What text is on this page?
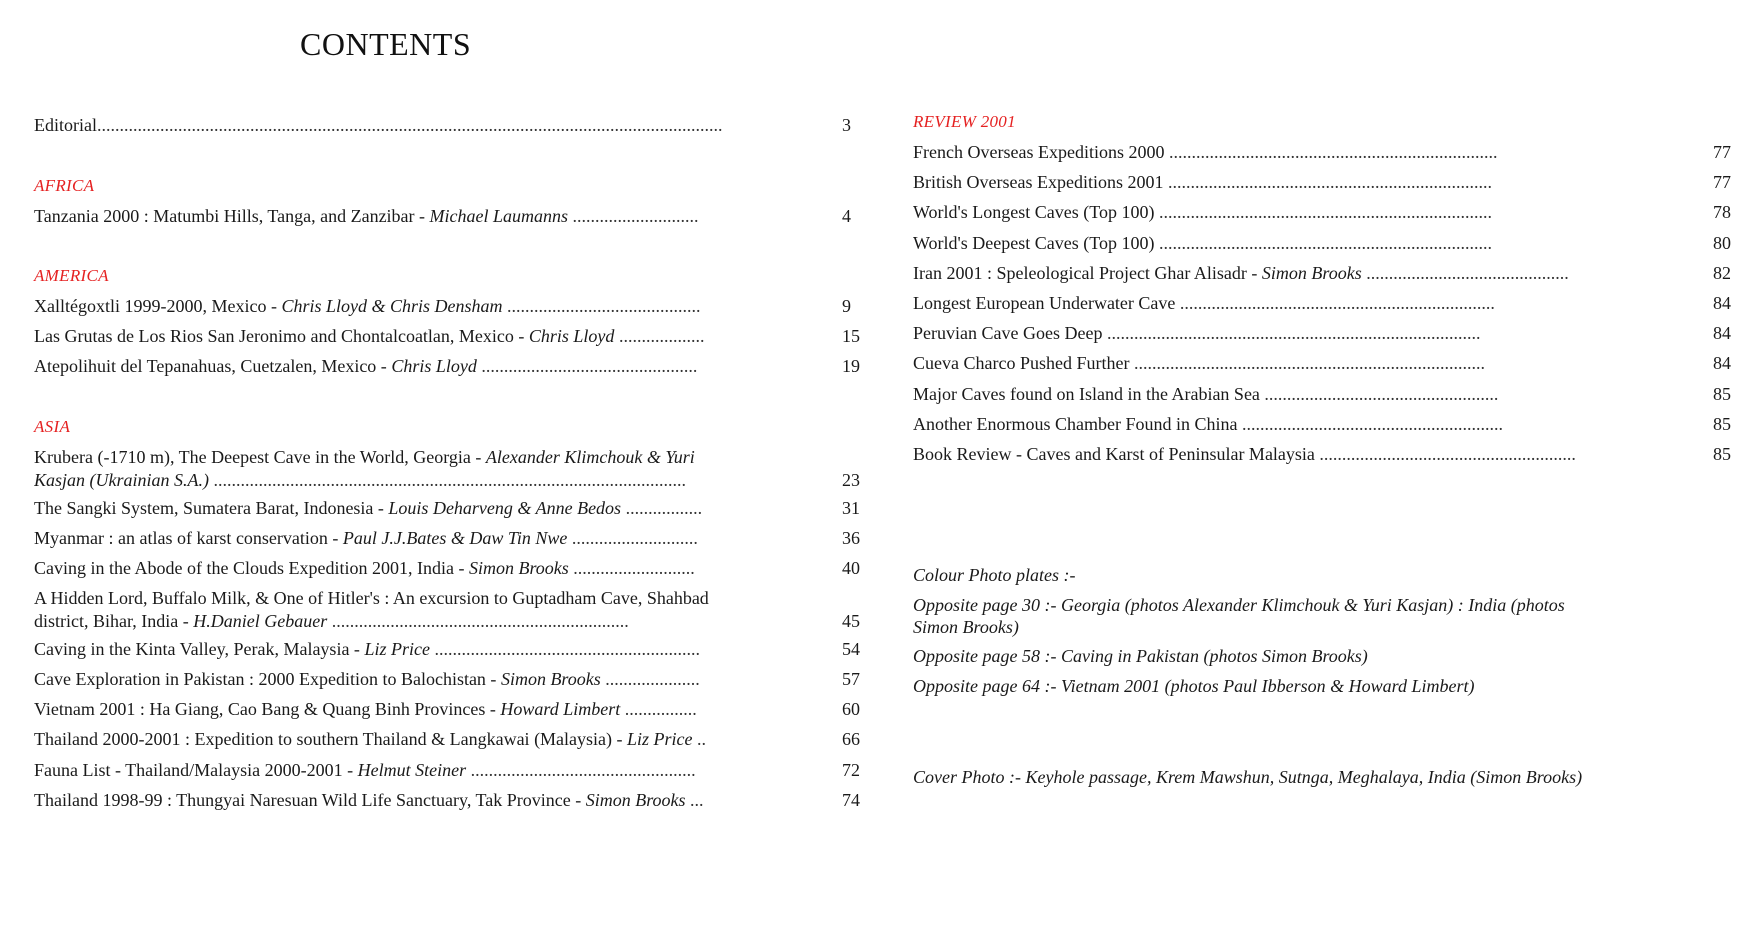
CONTENTS
Editorial...........................................................................................................................................	3
AFRICA
Tanzania 2000 : Matumbi Hills, Tanga, and Zanzibar - Michael Laumanns ............................	4
AMERICA
Xalltégoxtli 1999-2000, Mexico - Chris Lloyd & Chris Densham ...........................................	9
Las Grutas de Los Rios San Jeronimo and Chontalcoatlan, Mexico - Chris Lloyd ...................	15
Atepolihuit del Tepanahuas, Cuetzalen, Mexico - Chris Lloyd ................................................	19
ASIA
Krubera (-1710 m), The Deepest Cave in the World, Georgia - Alexander Klimchouk & Yuri
Kasjan (Ukrainian S.A.) .........................................................................................................	23
The Sangki System, Sumatera Barat, Indonesia - Louis Deharveng & Anne Bedos .................	31
Myanmar : an atlas of karst conservation - Paul J.J.Bates & Daw Tin Nwe ............................	36
Caving in the Abode of the Clouds Expedition 2001, India - Simon Brooks ...........................	40
A Hidden Lord, Buffalo Milk, & One of Hitler's : An excursion to Guptadham Cave, Shahbad
district, Bihar, India - H.Daniel Gebauer ..................................................................	45
Caving in the Kinta Valley, Perak, Malaysia - Liz Price ...........................................................	54
Cave Exploration in Pakistan : 2000 Expedition to Balochistan - Simon Brooks .....................	57
Vietnam 2001 : Ha Giang, Cao Bang & Quang Binh Provinces - Howard Limbert ................	60
Thailand 2000-2001 : Expedition to southern Thailand & Langkawai (Malaysia) - Liz Price ..	66
Fauna List - Thailand/Malaysia 2000-2001 - Helmut Steiner ..................................................	72
Thailand 1998-99 : Thungyai Naresuan Wild Life Sanctuary, Tak Province - Simon Brooks ...	74
REVIEW 2001
French Overseas Expeditions 2000 .........................................................................	77
British Overseas Expeditions 2001 ........................................................................	77
World's Longest Caves (Top 100) ..........................................................................	78
World's Deepest Caves (Top 100) ..........................................................................	80
Iran 2001 : Speleological Project Ghar Alisadr - Simon Brooks .............................................	82
Longest European Underwater Cave ......................................................................	84
Peruvian Cave Goes Deep ...................................................................................	84
Cueva Charco Pushed Further ..............................................................................	84
Major Caves found on Island in the Arabian Sea ....................................................	85
Another Enormous Chamber Found in China ..........................................................	85
Book Review - Caves and Karst of Peninsular Malaysia .........................................................	85
Colour Photo plates :-
Opposite page 30 :- Georgia (photos Alexander Klimchouk & Yuri Kasjan) : India (photos
Simon Brooks)
Opposite page 58 :- Caving in Pakistan (photos Simon Brooks)
Opposite page 64 :- Vietnam 2001 (photos Paul Ibberson & Howard Limbert)
Cover Photo :- Keyhole passage, Krem Mawshun, Sutnga, Meghalaya, India (Simon Brooks)
